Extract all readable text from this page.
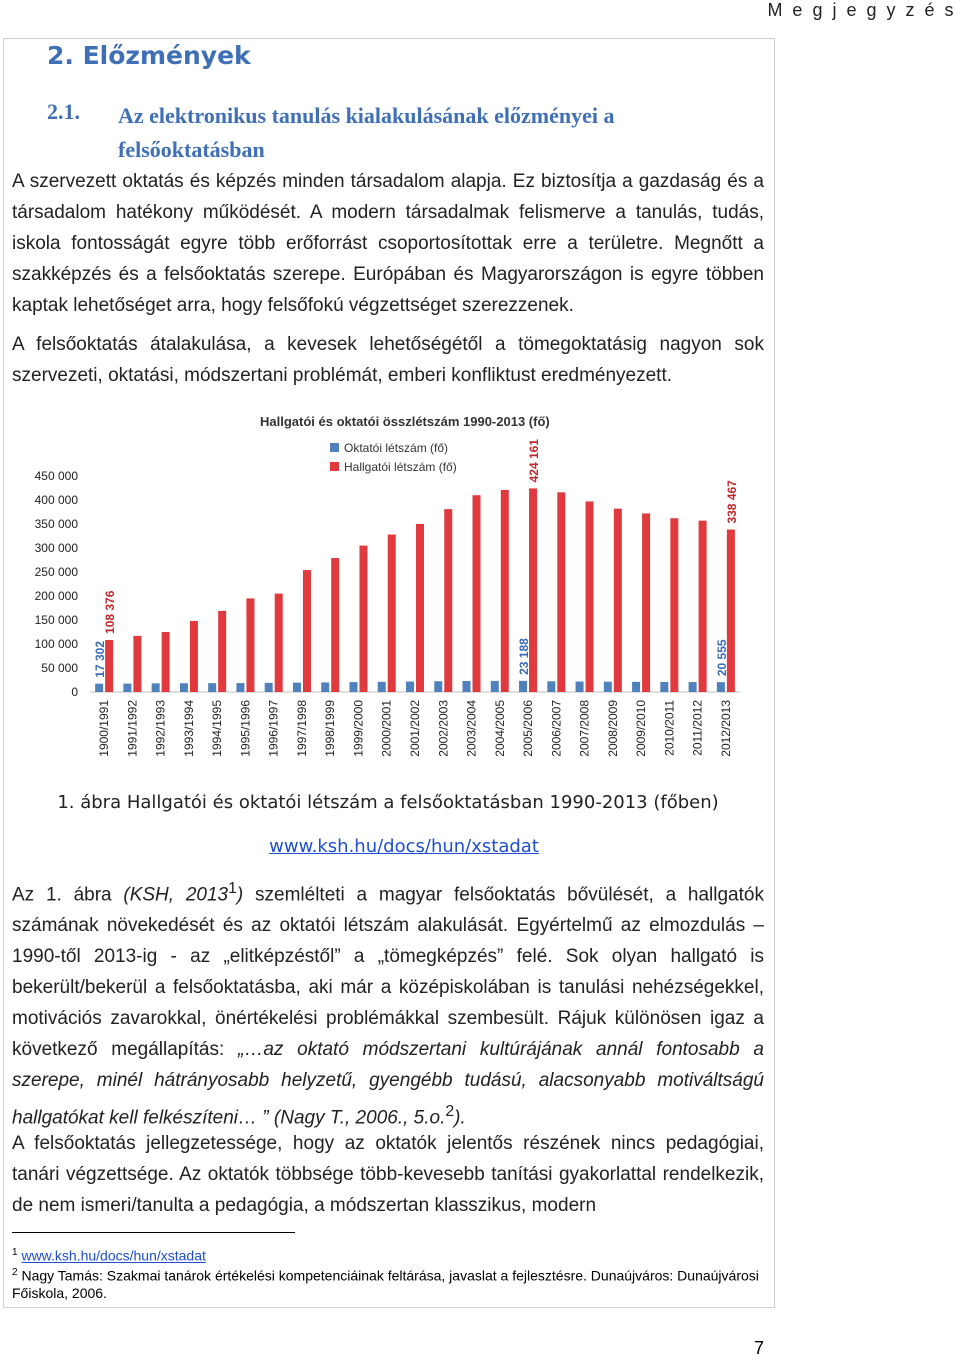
M e g j e g y z é s
2. Előzmények
2.1. Az elektronikus tanulás kialakulásának előzményei a felsőoktatásban
A szervezett oktatás és képzés minden társadalom alapja. Ez biztosítja a gazdaság és a társadalom hatékony működését. A modern társadalmak felismerve a tanulás, tudás, iskola fontosságát egyre több erőforrást csoportosítottak erre a területre. Megnőtt a szakképzés és a felsőoktatás szerepe. Európában és Magyarországon is egyre többen kaptak lehetőséget arra, hogy felsőfokú végzettséget szerezzenek.
A felsőoktatás átalakulása, a kevesek lehetőségétől a tömegoktatásig nagyon sok szervezeti, oktatási, módszertani problémát, emberi konfliktust eredményezett.
Hallgatói és oktatói összlétszám 1990-2013 (fő)
Oktatói létszám (fő)
Hallgatói létszám (fő)
0
50 000
100 000
150 000
200 000
250 000
300 000
350 000
400 000
450 000
1900/1991 1991/1992 1992/1993 1993/1994 1994/1995 1995/1996 1996/1997 1997/1998 1998/1999 1999/2000 2000/2001 2001/2002 2002/2003 2003/2004 2004/2005 2005/2006 2006/2007 2007/2008 2008/2009 2009/2010 2010/2011 2011/2012 2012/2013
17 302
108 376
23 188
424 161
20 555
338 467
1. ábra Hallgatói és oktatói létszám a felsőoktatásban 1990-2013 (főben)
www.ksh.hu/docs/hun/xstadat
Az 1. ábra (KSH, 2013$^1$) szemlélteti a magyar felsőoktatás bővülését, a hallgatók számának növekedését és az oktatói létszám alakulását. Egyértelmű az elmozdulás – 1990-től 2013-ig - az „elitképzéstől” a „tömegképzés” felé. Sok olyan hallgató is bekerült/bekerül a felsőoktatásba, aki már a középiskolában is tanulási nehézségekkel, motivációs zavarokkal, önértékelési problémákkal szembesült. Rájuk különösen igaz a következő megállapítás: „…az oktató módszertani kultúrájának annál fontosabb a szerepe, minél hátrányosabb helyzetű, gyengébb tudású, alacsonyabb motiváltságú hallgatókat kell felkészíteni… ” (Nagy T., 2006., 5.o.$^2$).
A felsőoktatás jellegzetessége, hogy az oktatók jelentős részének nincs pedagógiai, tanári végzettsége. Az oktatók többsége több-kevesebb tanítási gyakorlattal rendelkezik, de nem ismeri/tanulta a pedagógia, a módszertan klasszikus, modern
$^1$ www.ksh.hu/docs/hun/xstadat
$^2$ Nagy Tamás: Szakmai tanárok értékelési kompetenciáinak feltárása, javaslat a fejlesztésre. Dunaújváros: Dunaújvárosi Főiskola, 2006.
7
